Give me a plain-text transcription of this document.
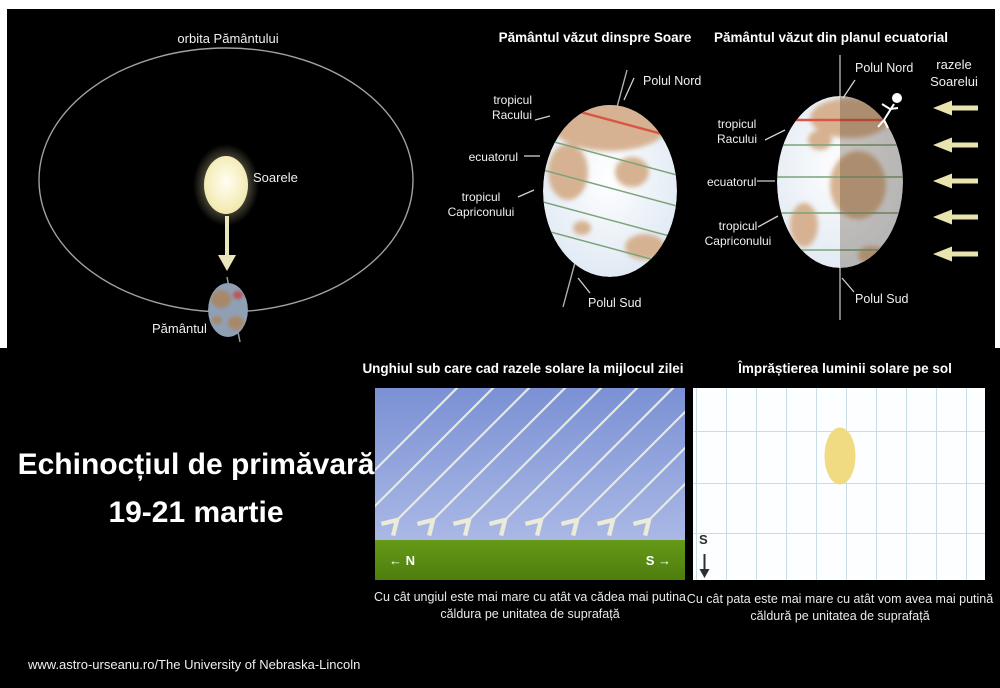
orbita Pământului
Soarele
Pământul
Pământul văzut dinspre Soare
Polul Nord
tropicul Racului
ecuatorul
tropicul Capriconului
Polul Sud
Pământul văzut din planul ecuatorial
Polul Nord	razele Soarelui
tropicul Racului
ecuatorul
tropicul Capriconului
Polul Sud
Echinocțiul de primăvară
19-21 martie
Unghiul sub care cad razele solare la mijlocul zilei
← N	S →
Cu cât ungiul este mai mare cu atât va cădea mai putina căldura pe unitatea de suprafață
Împrăștierea luminii solare pe sol
S
Cu cât pata este mai mare cu atât vom avea mai putină căldură pe unitatea de suprafață
www.astro-urseanu.ro/The University of Nebraska-Lincoln
